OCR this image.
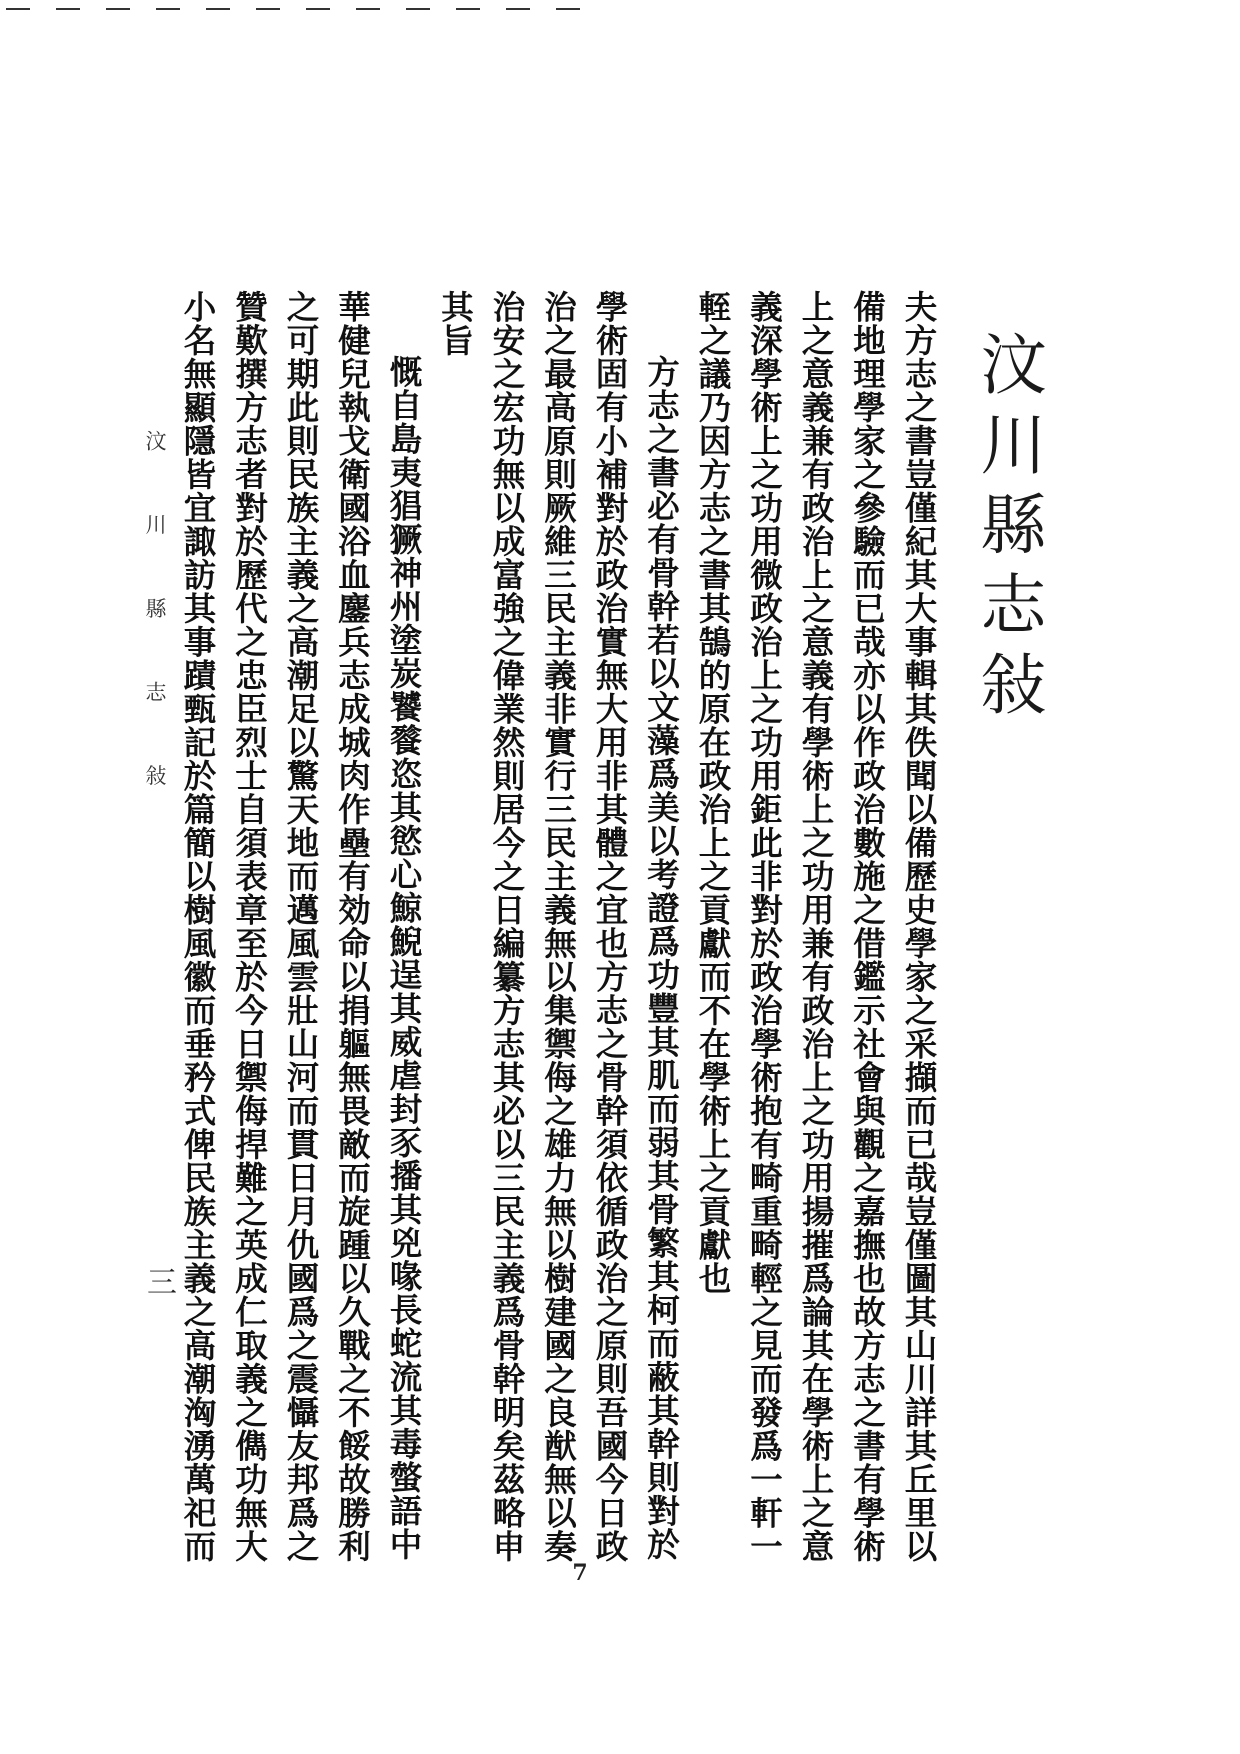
汶川縣志敍

夫方志之書豈僅紀其大事輯其佚聞以備歷史學家之采擷而已哉豈僅圖其山川詳其丘里以備地理學家之參驗而已哉亦以作政治數施之借鑑示社會與觀之嘉撫也故方志之書有學術上之意義兼有政治上之意義有學術上之功用兼有政治上之功用揚摧爲論其在學術上之意義深學術上之功用微政治上之功用鉅此非對於政治學術抱有畸重畸輕之見而發爲一軒一輊之議乃因方志之書其鵠的原在政治上之貢獻而不在學術上之貢獻也

方志之書必有骨幹若以文藻爲美以考證爲功豐其肌而弱其骨繁其柯而蔽其幹則對於學術固有小補對於政治實無大用非其體之宜也方志之骨幹須依循政治之原則吾國今日政治之最高原則厥維三民主義非實行三民主義無以集禦侮之雄力無以樹建國之良猷無以奏治安之宏功無以成富強之偉業然則居今之日編纂方志其必以三民主義爲骨幹明矣茲略申其旨

慨自島夷猖獗神州塗炭饕餮恣其慾心鯨鯢逞其威虐封豕播其兇喙長蛇流其毒螫語中華健兒執戈衛國浴血鏖兵志成城肉作壘有効命以捐軀無畏敵而旋踵以久戰之不餒故勝利之可期此則民族主義之高潮足以驚天地而邁風雲壯山河而貫日月仇國爲之震懾友邦爲之贊歎撰方志者對於歷代之忠臣烈士自須表章至於今日禦侮捍難之英成仁取義之儁功無大小名無顯隱皆宜諏訪其事蹟甄記於篇簡以樹風徽而垂矜式俾民族主義之高潮洶湧萬祀而

汶 川 縣 志 敍
三
7
